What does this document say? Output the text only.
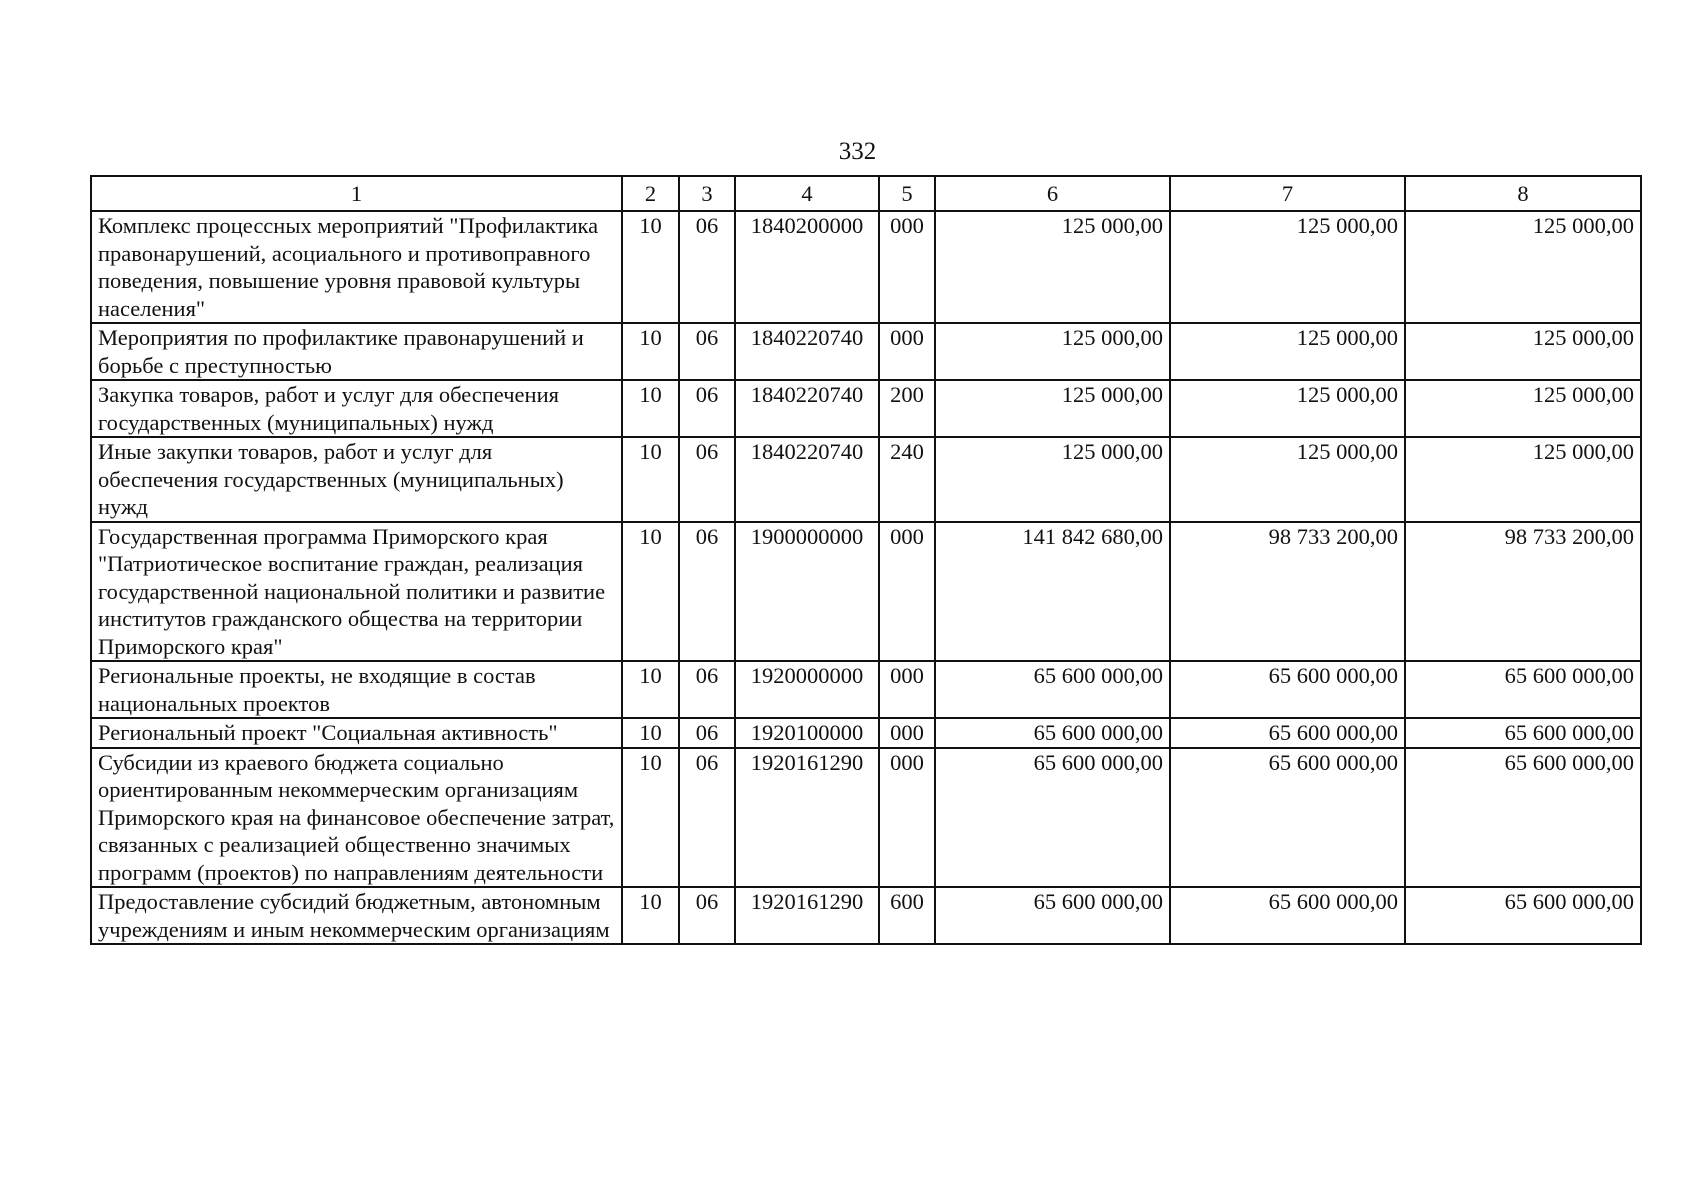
332
1	2	3	4	5	6	7	8
Комплекс процессных мероприятий "Профилактика правонарушений, асоциального и противоправного поведения, повышение уровня правовой культуры населения"	10	06	1840200000	000	125 000,00	125 000,00	125 000,00
Мероприятия по профилактике правонарушений и борьбе с преступностью	10	06	1840220740	000	125 000,00	125 000,00	125 000,00
Закупка товаров, работ и услуг для обеспечения государственных (муниципальных) нужд	10	06	1840220740	200	125 000,00	125 000,00	125 000,00
Иные закупки товаров, работ и услуг для обеспечения государственных (муниципальных) нужд	10	06	1840220740	240	125 000,00	125 000,00	125 000,00
Государственная программа Приморского края "Патриотическое воспитание граждан, реализация государственной национальной политики и развитие институтов гражданского общества на территории Приморского края"	10	06	1900000000	000	141 842 680,00	98 733 200,00	98 733 200,00
Региональные проекты, не входящие в состав национальных проектов	10	06	1920000000	000	65 600 000,00	65 600 000,00	65 600 000,00
Региональный проект "Социальная активность"	10	06	1920100000	000	65 600 000,00	65 600 000,00	65 600 000,00
Субсидии из краевого бюджета социально ориентированным некоммерческим организациям Приморского края на финансовое обеспечение затрат, связанных с реализацией общественно значимых программ (проектов) по направлениям деятельности	10	06	1920161290	000	65 600 000,00	65 600 000,00	65 600 000,00
Предоставление субсидий бюджетным, автономным учреждениям и иным некоммерческим организациям	10	06	1920161290	600	65 600 000,00	65 600 000,00	65 600 000,00
